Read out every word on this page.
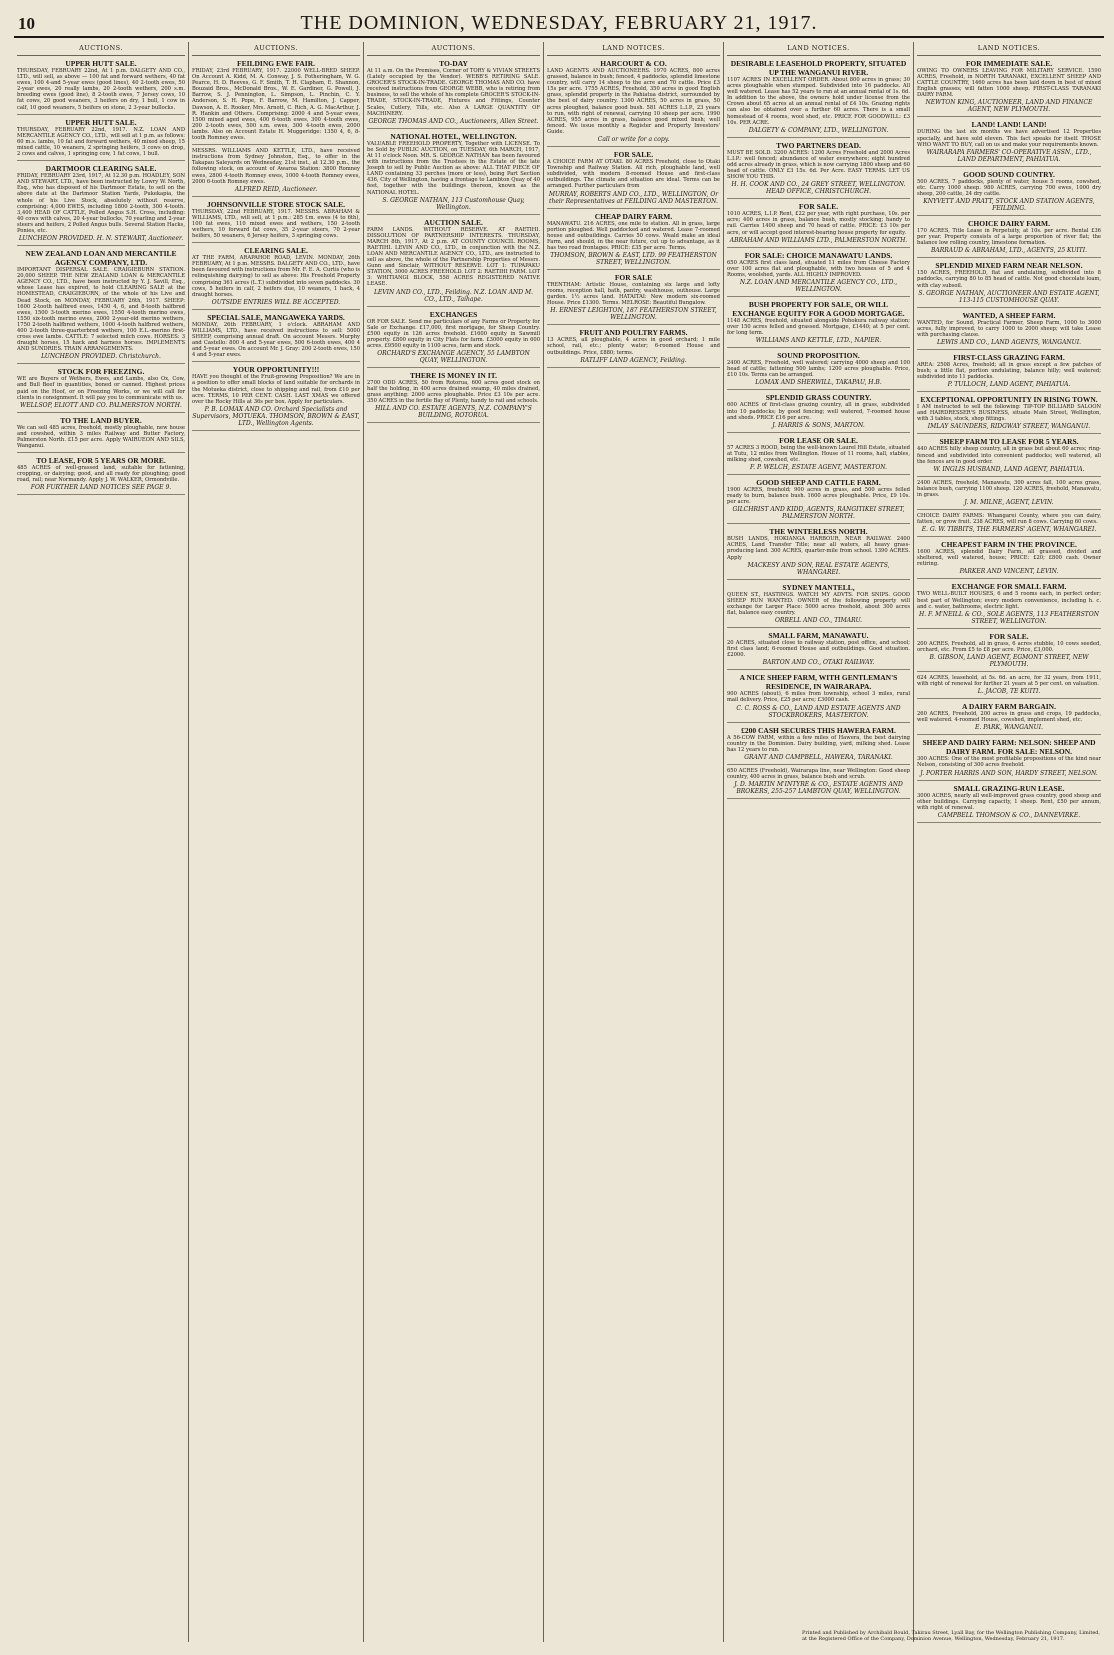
10	THE DOMINION, WEDNESDAY, FEBRUARY 21, 1917.
AUCTIONS.
UPPER HUTT SALE.
THURSDAY, FEBRUARY 22nd, At 1 p.m. DALGETY AND CO., LTD., will sell, as above — 100 fat and forward wethers, 40 fat ewes, 100 4-and 5-year ewes (good lines), 40 2-tooth ewes, 50 2-year ewes, 20 really lambs, 20 2-tooth wethers, 200 s.m. breeding ewes (good line), 8 2-tooth ewes, 7 Jersey cows, 10 fat cows, 20 good weaners, 3 heifers on dry, 1 bull, 1 cow in calf, 10 good weaners, 5 heifers on stone, 2 3-year bullocks.
UPPER HUTT SALE.
THURSDAY, FEBRUARY 22nd, 1917. N.Z. LOAN AND MERCANTILE AGENCY CO., LTD., will sell at 1 p.m. as follows: 60 m.s. lambs, 10 fat and forward wethers, 40 mixed sheep, 15 mixed cattle, 10 weaners, 2 springing heifers, 3 cows on drop, 2 cows and calves, 1 springing cow, 1 fat cows, 1 bull.
DARTMOOR CLEARING SALE.
FRIDAY, FEBRUARY 23rd, 1917, At 12.30 p.m. HOADLEY, SON AND STEWART, LTD., have been instructed by Lowry W. North, Esq., who has disposed of his Dartmoor Estate, to sell on the above date at the Dartmoor Station Yards, Pukekapia, the whole of his Live Stock, absolutely without reserve, comprising: 4,000 EWES, including 1800 2-tooth, 300 4-tooth. 3,400 HEAD OF CATTLE, Polled Angus S.H. Cross, including: 40 cows with calves, 20 4-year bullocks, 70 yearling and 2-year steers and heifers, 2 Polled Angus bulls. Several Station Hacks, Ponies, etc.
LUNCHEON PROVIDED. H. N. STEWART, Auctioneer.
NEW ZEALAND LOAN AND MERCANTILE AGENCY COMPANY, LTD.
IMPORTANT DISPERSAL SALE. CRAIGIEBURN STATION. 20,000 SHEEP. THE NEW ZEALAND LOAN & MERCANTILE AGENCY CO., LTD., have been instructed by Y. J. Savill, Esq., whose Lease has expired, to hold CLEARING SALE at the HOMESTEAD, CRAIGIEBURN, of the whole of his Live and Dead Stock, on MONDAY, FEBRUARY 26th, 1917. SHEEP: 1600 2-tooth halfbred ewes, 1450 4, 6, and 8-tooth halfbred ewes, 1500 3-tooth merino ewes, 1550 4-tooth merino ewes, 1550 six-tooth merino ewes, 2000 2-year-old merino wethers, 1750 2-tooth halfbred wethers, 1000 4-tooth halfbred wethers, 400 2-tooth three-quarterbred wethers, 100 E.L.-merino first-cross ewe lambs. CATTLE: 7 selected milch cows. HORSES: 3 draught horses, 15 hack and harness horses. IMPLEMENTS AND SUNDRIES. TRAIN ARRANGEMENTS.
LUNCHEON PROVIDED. Christchurch.
STOCK FOR FREEZING.
WE are Buyers of Wethers, Ewes, and Lambs, also Ox, Cow, and Bull Beef in quantities, boned or canned. Highest prices paid on the Hoof, or on Freezing Works, or we will call for clients in consignment. It will pay you to communicate with us.
WELLSOP, ELIOTT AND CO. PALMERSTON NORTH.
TO THE LAND BUYER.
We can sell 485 acres, freehold, mostly ploughable, new house and cowshed, within 3 miles Railway and Butter Factory, Palmerston North. £15 per acre. Apply WAIRUEON AND SILS, Wanganui.
TO LEASE, FOR 5 YEARS OR MORE.
485 ACRES of well-grassed land, suitable for fattening, cropping, or dairying; good, and all ready for ploughing; good road, rail; near Normandy. Apply J. W. WALKER, Ormondville.
FOR FURTHER LAND NOTICES SEE PAGE 9.
AUCTIONS.
FEILDING EWE FAIR.
FRIDAY, 23rd FEBRUARY, 1917. 22000 WELL-BRED SHEEP. On Account A. Kidd, M. A. Conway, J. S. Fotheringham, W. G. Pearce, H. D. Reeves, G. F. Smith, T. H. Clapham, E. Shannon, Bouzaid Bros., McDonald Bros., W. E. Gardiner, G. Powell, J. Barrow, S. J. Pennington, L. Simpson, L. Pinchin, C. Y. Anderson, S. H. Pope, F. Barrow, M. Hamilton, J. Capper, Dawson, A. E. Rooker, Mrs. Arnott, C. Rich, A. G. MacArthur, J. R. Hankin and Others. Comprising: 2000 4 and 5-year ewes, 1500 mixed aged ewes, 400 6-tooth ewes, 300 4-tooth ewes, 200 2-tooth ewes, 500 s.m. ewes, 300 4-tooth ewes, 2000 lambs. Also on Account Estate H. Muggeridge: 1350 4, 6, 8-tooth Romney ewes.
MESSRS. WILLIAMS AND KETTLE, LTD., have received instructions from Sydney Johnston, Esq., to offer in the Takapau Saleyards on Wednesday, 21st inst., at 12.30 p.m., the following stock, on account of Awaroa Station: 3800 Romney ewes, 2800 4-tooth Romney ewes, 1000 4-tooth Romney ewes, 2000 6-tooth Romney ewes.
ALFRED REID, Auctioneer.
JOHNSONVILLE STORE STOCK SALE.
THURSDAY, 22nd FEBRUARY, 1917. MESSRS. ABRAHAM & WILLIAMS, LTD., will sell, at 1 p.m.: 285 f.m. ewes (4 to 6th), 100 fat ewes, 110 mixed ewes and wethers, 150 2-tooth wethers, 10 forward fat cows, 35 2-year steers, 70 2-year heifers, 50 weaners, 6 Jersey heifers, 3 springing cows.
CLEARING SALE.
AT THE FARM, ARAPAHOE ROAD, LEVIN. MONDAY, 26th FEBRUARY, At 1 p.m. MESSRS. DALGETY AND CO., LTD., have been favoured with instructions from Mr. F. E. A. Curtis (who is relinquishing dairying) to sell as above: His Freehold Property comprising 361 acres (L.T.) subdivided into seven paddocks. 30 cows, 5 heifers in calf, 2 heifers due, 10 weaners, 1 hack, 4 draught horses.
OUTSIDE ENTRIES WILL BE ACCEPTED.
SPECIAL SALE, MANGAWEKA YARDS.
MONDAY, 26th FEBRUARY, 1 o'clock. ABRAHAM AND WILLIAMS, LTD., have received instructions to sell: 5000 SHEEP, comprising annual draft. On account Messrs. Murphy and Castello: 800 4 and 5-year ewes, 500 6-tooth ewes, 400 4 and 5-year ewes. On account Mr. J. Gray: 200 2-tooth ewes, 150 4 and 5-year ewes.
YOUR OPPORTUNITY!!!
HAVE you thought of the Fruit-growing Proposition? We are in a position to offer small blocks of land suitable for orchards in the Motueka district, close to shipping and rail, from £10 per acre. TERMS, 10 PER CENT. CASH. LAST XMAS we offered over the Rocky Hills at 36s per box. Apply for particulars.
P. B. LOMAX AND CO. Orchard Specialists and Supervisors, MOTUEKA. THOMSON, BROWN & EAST, LTD., Wellington Agents.
AUCTIONS.
TO-DAY
At 11 a.m. On the Premises, Corner of TORY & VIVIAN STREETS (Lately occupied by the Vendor). WEBB'S RETIRING SALE. GROCER'S STOCK-IN-TRADE. GEORGE THOMAS AND CO. have received instructions from GEORGE WEBB, who is retiring from business, to sell the whole of his complete GROCER'S STOCK-IN-TRADE, STOCK-IN-TRADE, Fixtures and Fittings, Counter Scales, Cutlery, Tills, etc. Also A LARGE QUANTITY OF MACHINERY.
GEORGE THOMAS AND CO., Auctioneers, Allen Street.
NATIONAL HOTEL, WELLINGTON.
VALUABLE FREEHOLD PROPERTY, Together with LICENSE. To be Sold by PUBLIC AUCTION, on TUESDAY, 6th MARCH, 1917, At 11 o'clock Noon. MR. S. GEORGE NATHAN has been favoured with instructions from the Trustees in the Estate of the late Joseph to sell by Public Auction as above: ALL THAT PIECE OF LAND containing 33 perches (more or less), being Part Section 436, City of Wellington, having a frontage to Lambton Quay of 40 feet, together with the buildings thereon, known as the NATIONAL HOTEL.
S. GEORGE NATHAN, 113 Customhouse Quay, Wellington.
AUCTION SALE.
FARM LANDS. WITHOUT RESERVE. AT RAETIHI. DISSOLUTION OF PARTNERSHIP INTERESTS. THURSDAY, MARCH 8th, 1917, At 2 p.m. AT COUNTY COUNCIL ROOMS, RAETIHI. LEVIN AND CO., LTD., in conjunction with the N.Z. LOAN AND MERCANTILE AGENCY CO., LTD., are instructed to sell as above, the whole of the Partnership Properties of Messrs. Gunn and Sinclair, WITHOUT RESERVE. LOT 1: TUPAPAKU STATION, 3000 ACRES FREEHOLD. LOT 2: RAETIHI FARM. LOT 3: WHITIANGI BLOCK, 558 ACRES REGISTERED NATIVE LEASE.
LEVIN AND CO., LTD., Feilding. N.Z. LOAN AND M. CO., LTD., Taihape.
EXCHANGES
OR FOR SALE. Send me particulars of any Farms or Property for Sale or Exchange. £17,000, first mortgage, for Sheep Country. £500 equity in 126 acres freehold. £1600 equity in Sawmill property. £800 equity in City Flats for farm. £3000 equity in 600 acres. £9500 equity in 1100 acres, farm and stock.
ORCHARD'S EXCHANGE AGENCY, 55 LAMBTON QUAY, WELLINGTON.
THERE IS MONEY IN IT.
2700 ODD ACRES, 50 from Rotorua, 600 acres good stock on half the holding, in 400 acres drained swamp, 40 miles drained, grass anything: 2000 acres ploughable. Price £3 10s per acre. 350 ACRES in the fertile Bay of Plenty, handy to rail and schools.
HILL AND CO. ESTATE AGENTS, N.Z. COMPANY'S BUILDING, ROTORUA.
LAND NOTICES.
HARCOURT & CO.
LAND AGENTS AND AUCTIONEERS. 1970 ACRES, 800 acres grassed, balance in bush; fenced, 4 paddocks, splendid limestone country, will carry 14 sheep to the acre and 70 cattle. Price £3 15s per acre. 1755 ACRES, Freehold, 350 acres in good English grass, splendid property in the Pahiatua district, surrounded by the best of dairy country. 1300 ACRES, 50 acres in grass, 50 acres ploughed, balance good bush. 581 ACRES L.I.P., 23 years to run, with right of renewal, carrying 10 sheep per acre. 1990 ACRES, 955 acres in grass, balance good mixed bush; well fenced. We issue monthly a Register and Property Investors' Guide.
Call or write for a copy.
FOR SALE.
A CHOICE FARM AT OTAKI. 80 ACRES Freehold, close to Otaki Township and Railway Station. All rich, ploughable land, well subdivided, with modern 8-roomed House and first-class outbuildings. The climate and situation are ideal. Terms can be arranged. Further particulars from
MURRAY, ROBERTS AND CO., LTD., WELLINGTON, Or their Representatives at FEILDING AND MASTERTON.
CHEAP DAIRY FARM.
MANAWATU. 216 ACRES, one mile to station. All in grass, large portion ploughed. Well paddocked and watered. Lease 7-roomed house and outbuildings. Carries 50 cows. Weald make an ideal Farm, and should, in the near future, cut up to advantage, as it has two road frontages. PRICE: £35 per acre. Terms.
THOMSON, BROWN & EAST, LTD. 99 FEATHERSTON STREET, WELLINGTON.
FOR SALE
TRENTHAM: Artistic House, containing six large and lofty rooms, reception hall, bath, pantry, washhouse, outhouse. Large garden. 1½ acres land. HATAITAI: New modern six-roomed House. Price £1300. Terms. MELROSE: Beautiful Bungalow.
H. ERNEST LEIGHTON, 187 FEATHERSTON STREET, WELLINGTON.
FRUIT AND POULTRY FARMS.
13 ACRES, all ploughable, 4 acres in good orchard; 1 mile school, rail, etc.; plenty water; 6-roomed House and outbuildings. Price, £880; terms.
RATLIFF LAND AGENCY, Feilding.
LAND NOTICES.
DESIRABLE LEASEHOLD PROPERTY, SITUATED UP THE WANGANUI RIVER.
1107 ACRES IN EXCELLENT ORDER. About 800 acres in grass; 30 acres ploughable when stumped. Subdivided into 16 paddocks. All well watered. Lease has 52 years to run at an annual rental of 1s. 6d. In addition to the above, the owners hold under license from the Crown about 65 acres at an annual rental of £4 10s. Grazing rights can also be obtained over a further 60 acres. There is a small homestead of 4 rooms, wool shed, etc. PRICE FOR GOODWILL: £3 10s. PER ACRE.
DALGETY & COMPANY, LTD., WELLINGTON.
TWO PARTNERS DEAD.
MUST BE SOLD. 3200 ACRES: 1200 Acres Freehold and 2000 Acres L.I.P.: well fenced; abundance of water everywhere; eight hundred odd acres already in grass, which is now carrying 1800 sheep and 60 head of cattle. ONLY £3 15s. 6d. Per Acre. EASY TERMS. LET US SHOW YOU THIS.
H. H. COOK AND CO., 24 GREY STREET, WELLINGTON. HEAD OFFICE, CHRISTCHURCH.
FOR SALE.
1010 ACRES, L.I.P. Rent, £22 per year, with right purchase, 10s. per acre; 400 acres in grass, balance bush, mostly stocking; handy to rail. Carries 1400 sheep and 70 head of cattle. PRICE: £3 10s per acre, or will accept good interest-bearing house property for equity.
ABRAHAM AND WILLIAMS LTD., PALMERSTON NORTH.
FOR SALE: CHOICE MANAWATU LANDS.
650 ACRES first class land, situated 11 miles from Cheese Factory over 100 acres flat and ploughable, with two houses of 5 and 4 Rooms, woolshed, yards. ALL HIGHLY IMPROVED.
N.Z. LOAN AND MERCANTILE AGENCY CO., LTD., WELLINGTON.
BUSH PROPERTY FOR SALE, OR WILL EXCHANGE EQUITY FOR A GOOD MORTGAGE.
1148 ACRES, freehold, situated alongside Pohokura railway station; over 150 acres felled and grassed. Mortgage, £1440; at 5 per cent. for long term.
WILLIAMS AND KETTLE, LTD., NAPIER.
SOUND PROPOSITION.
2400 ACRES, Freehold, well watered; carrying 4000 sheep and 100 head of cattle; fattening 500 lambs; 1200 acres ploughable. Price, £10 10s. Terms can be arranged.
LOMAX AND SHERWILL, TAKAPAU, H.B.
SPLENDID GRASS COUNTRY.
600 ACRES of first-class grazing country, all in grass, subdivided into 10 paddocks; by good fencing; well watered, 7-roomed house and sheds. PRICE £16 per acre.
J. HARRIS & SONS, MARTON.
FOR LEASE OR SALE.
57 ACRES 3 ROOD, being the well-known Laurel Hill Estate, situated at Tutu, 12 miles from Wellington. House of 11 rooms, hall, stables, milking shed, cowshed, etc.
F. P. WELCH, ESTATE AGENT, MASTERTON.
GOOD SHEEP AND CATTLE FARM.
1900 ACRES, freehold; 900 acres in grass, and 500 acres felled ready to burn, balance bush. 1600 acres ploughable. Price, £9 10s. per acre.
GILCHRIST AND KIDD, AGENTS, RANGITIKEI STREET, PALMERSTON NORTH.
THE WINTERLESS NORTH.
BUSH LANDS, HOKIANGA HARBOUR, NEAR RAILWAY. 2400 ACRES, Land Transfer Title; near all waters, all heavy grass-producing land. 300 ACRES, quarter-mile from school. 1390 ACRES. Apply
MACKESY AND SON, REAL ESTATE AGENTS, WHANGAREI.
SYDNEY MANTELL,
QUEEN ST., HASTINGS. WATCH MY ADVTS. FOR SNIPS. GOOD SHEEP RUN WANTED. OWNER of the following property will exchange for Larger Place: 5000 acres freehold, about 300 acres flat, balance easy country.
ORBELL AND CO., TIMARU.
SMALL FARM, MANAWATU.
20 ACRES, situated close to railway station, post office, and school; first class land; 6-roomed House and outbuildings. Good situation. £2000.
BARTON AND CO., OTAKI RAILWAY.
A NICE SHEEP FARM, WITH GENTLEMAN'S RESIDENCE, IN WAIRARAPA.
900 ACRES (about), 6 miles from township, school 3 miles, rural mail delivery. Price, £25 per acre; £3000 cash.
C. C. ROSS & CO., LAND AND ESTATE AGENTS AND STOCKBROKERS, MASTERTON.
£200 CASH SECURES THIS HAWERA FARM.
A 56-COW FARM, within a few miles of Hawera, the best dairying country in the Dominion. Dairy building, yard, milking shed. Lease has 12 years to run.
GRANT AND CAMPBELL, HAWERA, TARANAKI.
650 ACRES (Freehold), Wairarapa line, near Wellington: Good sheep country, 400 acres in grass, balance bush and scrub.
J. D. MARTIN M'INTYRE & CO., ESTATE AGENTS AND BROKERS, 255-257 LAMBTON QUAY, WELLINGTON.
LAND NOTICES.
FOR IMMEDIATE SALE.
OWING TO OWNERS LEAVING FOR MILITARY SERVICE. 1590 ACRES, Freehold, in NORTH TARANAKI, EXCELLENT SHEEP AND CATTLE COUNTRY, 1460 acres has been laid down in best of mixed English grasses; will fatten 1000 sheep. FIRST-CLASS TARANAKI DAIRY FARM.
NEWTON KING, AUCTIONEER, LAND AND FINANCE AGENT, NEW PLYMOUTH.
LAND! LAND! LAND!
DURING the last six months we have advertised 12 Properties specially, and have sold eleven. This fact speaks for itself. THOSE WHO WANT TO BUY, call on us and make your requirements known.
WAIRARAPA FARMERS' CO-OPERATIVE ASSN., LTD., LAND DEPARTMENT, PAHIATUA.
GOOD SOUND COUNTRY.
500 ACRES, 7 paddocks, plenty of water, house 5 rooms, cowshed, etc. Carry 1000 sheep. 980 ACRES, carrying 700 ewes, 1000 dry sheep, 200 cattle, 24 dry cattle.
KNYVETT AND PRATT, STOCK AND STATION AGENTS, FEILDING.
CHOICE DAIRY FARM.
170 ACRES, Title Lease in Perpetuity, at 10s. per acre. Rental £36 per year. Property consists of a large proportion of river flat; the balance low rolling country, limestone formation.
BARRAUD & ABRAHAM, LTD., AGENTS, 25 KUITI.
SPLENDID MIXED FARM NEAR NELSON.
150 ACRES, FREEHOLD, flat and undulating, subdivided into 8 paddocks, carrying 80 to 85 head of cattle. Not good chocolate loam, with clay subsoil.
S. GEORGE NATHAN, AUCTIONEER AND ESTATE AGENT, 113-115 CUSTOMHOUSE QUAY.
WANTED, A SHEEP FARM.
WANTED, for Sound, Practical Farmer, Sheep Farm, 1000 to 3000 acres, fully improved, to carry 1000 to 2000 sheep; will take Lease with purchasing clause.
LEWIS AND CO., LAND AGENTS, WANGANUI.
FIRST-CLASS GRAZING FARM.
AREA: 2508 Acres, freehold; all in grass except a few patches of bush; a little flat, portion undulating, balance hilly; well watered; subdivided into 11 paddocks.
P. TULLOCH, LAND AGENT, PAHIATUA.
EXCEPTIONAL OPPORTUNITY IN RISING TOWN.
I AM instructed to sell the following: TIP-TOP BILLIARD SALOON and HAIRDRESSER'S BUSINESS, situate Main Street, Wellington, with 3 tables, stock, shop fittings.
IMLAY SAUNDERS, RIDGWAY STREET, WANGANUI.
SHEEP FARM TO LEASE FOR 5 YEARS.
440 ACRES hilly sheep country, all in grass but about 60 acres; ring-fenced and subdivided into convenient paddocks; well watered, all the fences are in good order.
W. INGLIS HUSBAND, LAND AGENT, PAHIATUA.
2400 ACRES, freehold, Manawatu, 300 acres fall, 100 acres grass, balance bush, carrying 1100 sheep. 120 ACRES, freehold, Manawatu, in grass.
J. M. MILNE, AGENT, LEVIN.
CHOICE DAIRY FARMS: Whangarei County, where you can dairy, fatten, or grow fruit. 238 ACRES, will run 8 cows. Carrying 60 cows.
E. G. W. TIBBITS, THE FARMERS' AGENT, WHANGAREI.
CHEAPEST FARM IN THE PROVINCE.
1600 ACRES, splendid Dairy Farm, all grassed, divided and sheltered, well watered, house; PRICE: £20; £800 cash. Owner retiring.
PARKER AND VINCENT, LEVIN.
EXCHANGE FOR SMALL FARM.
TWO WELL-BUILT HOUSES, 6 and 5 rooms each, in perfect order; best part of Wellington; every modern convenience, including h. c. and c. water, bathrooms, electric light.
H. F. M'NEILL & CO., SOLE AGENTS, 113 FEATHERSTON STREET, WELLINGTON.
FOR SALE.
200 ACRES, Freehold, all in grass, 6 acres stubble, 10 cows seeded, orchard, etc. From £5 to £8 per acre. Price, £3,000.
B. GIBSON, LAND AGENT, EGMONT STREET, NEW PLYMOUTH.
624 ACRES, leasehold, at 5s. 6d. an acre, for 32 years, from 1911, with right of renewal for further 21 years at 5 per cent. on valuation.
L. JACOB, TE KUITI.
A DAIRY FARM BARGAIN.
260 ACRES, Freehold, 200 acres in grass and crops, 19 paddocks, well watered. 4-roomed House, cowshed, implement shed, etc.
E. PARK, WANGANUI.
SHEEP AND DAIRY FARM: NELSON: SHEEP AND DAIRY FARM. FOR SALE: NELSON.
300 ACRES: One of the most profitable propositions of the kind near Nelson, consisting of 300 acres freehold.
J. PORTER HARRIS AND SON, HARDY STREET, NELSON.
SMALL GRAZING-RUN LEASE.
3000 ACRES, nearly all well-improved grass country, good sheep and other buildings. Carrying capacity, 1 sheep. Rent, £50 per annum, with right of renewal.
CAMPBELL THOMSON & CO., DANNEVIRKE.
Printed and Published by Archibald Bould, Takirau Street, Lyall Bay, for the Wellington Publishing Company, Limited, at the Registered Office of the Company, Dominion Avenue, Wellington, Wednesday, February 21, 1917.
